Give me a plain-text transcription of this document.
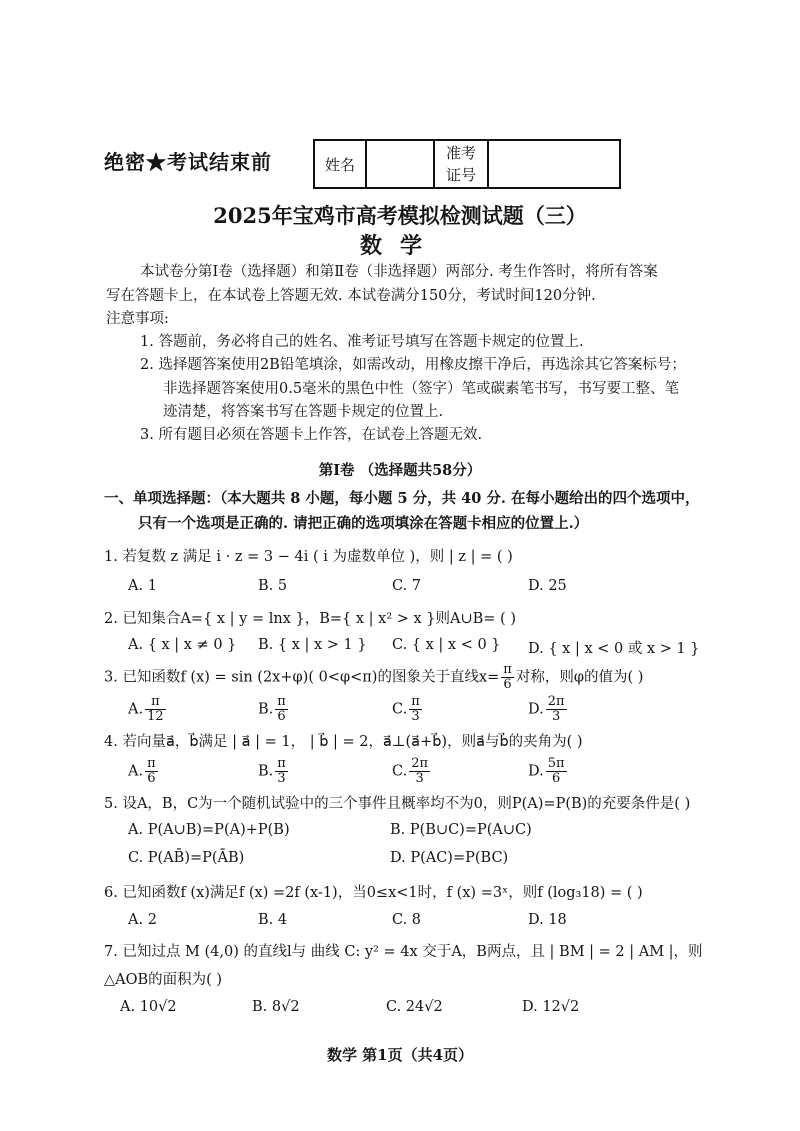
绝密★考试结束前	姓名		准考
证号	
2025年宝鸡市高考模拟检测试题（三）
数学
本试卷分第Ⅰ卷（选择题）和第Ⅱ卷（非选择题）两部分. 考生作答时，将所有答案
写在答题卡上，在本试卷上答题无效. 本试卷满分150分，考试时间120分钟.
注意事项:
1. 答题前，务必将自己的姓名、准考证号填写在答题卡规定的位置上.
2. 选择题答案使用2B铅笔填涂，如需改动，用橡皮擦干净后，再选涂其它答案标号；
非选择题答案使用0.5毫米的黑色中性（签字）笔或碳素笔书写，书写要工整、笔
迹清楚，将答案书写在答题卡规定的位置上.
3. 所有题目必须在答题卡上作答，在试卷上答题无效.
第Ⅰ卷 （选择题共58分）
一、单项选择题：（本大题共 8 小题，每小题 5 分，共 40 分. 在每小题给出的四个选项中，
只有一个选项是正确的. 请把正确的选项填涂在答题卡相应的位置上.）
1. 若复数 z 满足 i · z = 3 − 4i ( i 为虚数单位 )，则 | z | = ( )
A. 1	B. 5	C. 7	D. 25
2. 已知集合A={ x | y = lnx }，B={ x | x² > x }则A∪B= ( )
A. { x | x ≠ 0 } B. { x | x > 1 } C. { x | x < 0 } D. { x | x < 0 或 x > 1 }
3. 已知函数f (x) = sin (2x+φ)( 0<φ<π)的图象关于直线$x= \frac{\pi}{6}$ 对称，则φ的值为( )
A. $\frac{\pi}{12}$	B. $\frac{\pi}{6}$	C. $\frac{\pi}{3}$	D. $\frac{2\pi}{3}$
4. 若向量a⃗，b⃗满足 | a⃗ | = 1， | b⃗ | = 2，a⃗⊥(a⃗+b⃗)，则a⃗与b⃗的夹角为( )
A. $\frac{\pi}{6}$	B. $\frac{\pi}{3}$	C. $\frac{2\pi}{3}$	D. $\frac{5\pi}{6}$
5. 设A，B，C为一个随机试验中的三个事件且概率均不为0，则P(A)=P(B)的充要条件是( )
A. P(A∪B)=P(A)+P(B)	B. P(B∪C)=P(A∪C)
C. P(AB̄)=P(ĀB)	D. P(AC)=P(BC)
6. 已知函数f (x)满足f (x) =2f (x-1)，当0≤x<1时，f (x) =3ˣ，则f (log₃18) = ( )
A. 2	B. 4	C. 8	D. 18
7. 已知过点 M (4,0) 的直线l与 曲线 C: y² = 4x 交于A，B两点，且 | BM | = 2 | AM |，则
△AOB的面积为( )
A. 10√2	B. 8√2	C. 24√2	D. 12√2
数学 第1页（共4页）
